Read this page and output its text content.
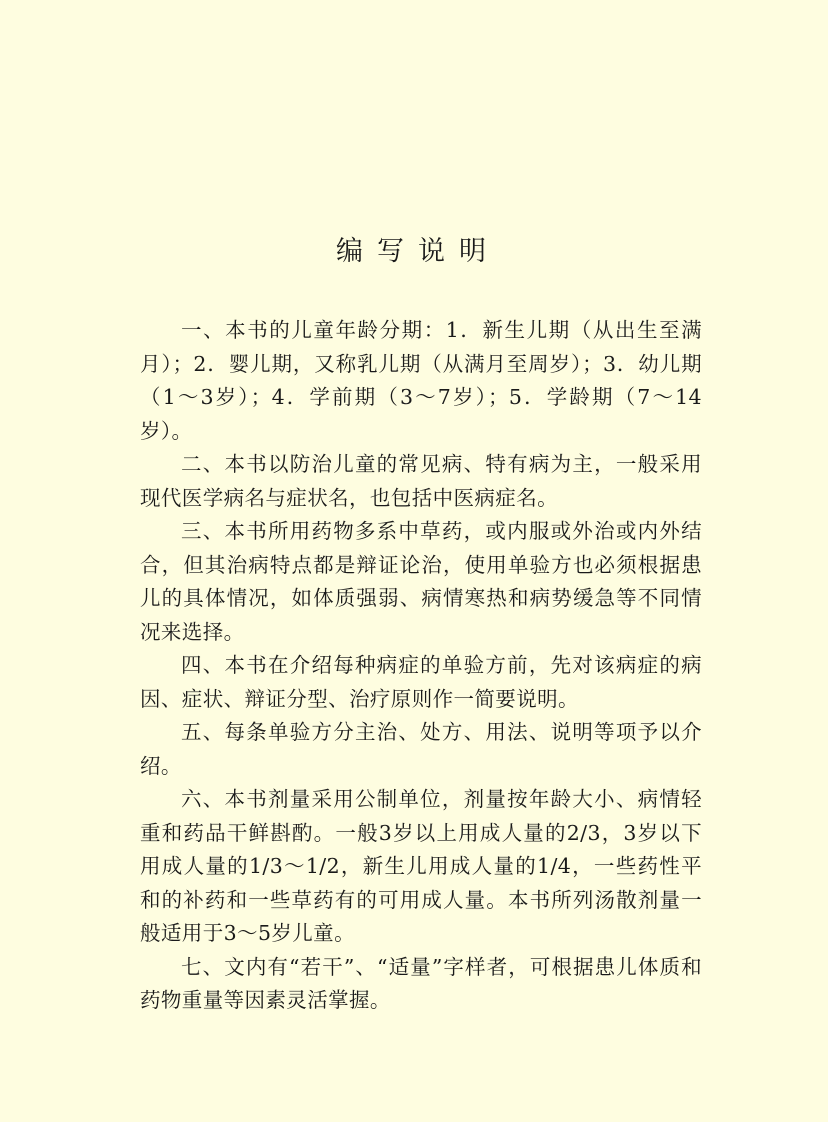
编写说明

一、本书的儿童年龄分期：1．新生儿期（从出生至满月）；2．婴儿期，又称乳儿期（从满月至周岁）；3．幼儿期（1～3岁）；4．学前期（3～7岁）；5．学龄期（7～14岁）。

二、本书以防治儿童的常见病、特有病为主，一般采用现代医学病名与症状名，也包括中医病症名。

三、本书所用药物多系中草药，或内服或外治或内外结合，但其治病特点都是辩证论治，使用单验方也必须根据患儿的具体情况，如体质强弱、病情寒热和病势缓急等不同情况来选择。

四、本书在介绍每种病症的单验方前，先对该病症的病因、症状、辩证分型、治疗原则作一简要说明。

五、每条单验方分主治、处方、用法、说明等项予以介绍。

六、本书剂量采用公制单位，剂量按年龄大小、病情轻重和药品干鲜斟酌。一般3岁以上用成人量的2/3，3岁以下用成人量的1/3～1/2，新生儿用成人量的1/4，一些药性平和的补药和一些草药有的可用成人量。本书所列汤散剂量一般适用于3～5岁儿童。

七、文内有“若干”、“适量”字样者，可根据患儿体质和药物重量等因素灵活掌握。
